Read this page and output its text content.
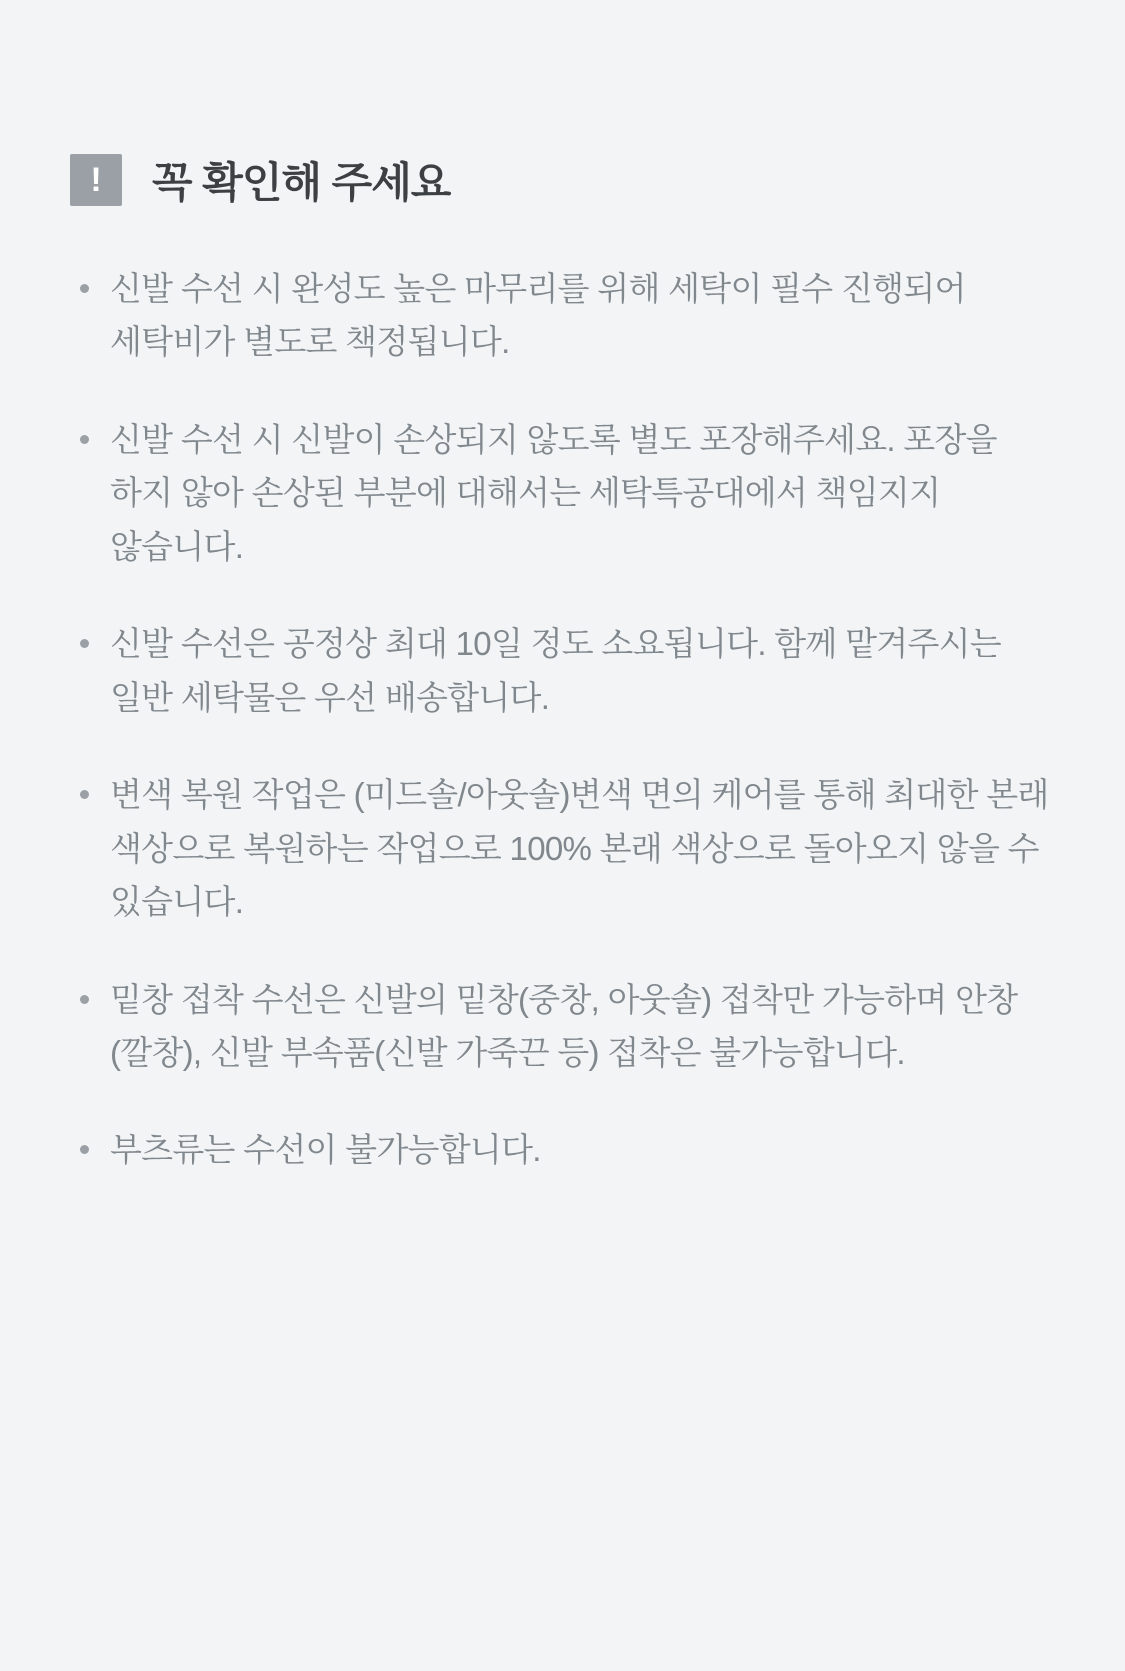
!	꼭 확인해 주세요
신발 수선 시 완성도 높은 마무리를 위해 세탁이 필수 진행되어 세탁비가 별도로 책정됩니다.
신발 수선 시 신발이 손상되지 않도록 별도 포장해주세요. 포장을 하지 않아 손상된 부분에 대해서는 세탁특공대에서 책임지지 않습니다.
신발 수선은 공정상 최대 10일 정도 소요됩니다. 함께 맡겨주시는 일반 세탁물은 우선 배송합니다.
변색 복원 작업은 (미드솔/아웃솔)변색 면의 케어를 통해 최대한 본래 색상으로 복원하는 작업으로 100% 본래 색상으로 돌아오지 않을 수 있습니다.
밑창 접착 수선은 신발의 밑창(중창, 아웃솔) 접착만 가능하며 안창(깔창), 신발 부속품(신발 가죽끈 등) 접착은 불가능합니다.
부츠류는 수선이 불가능합니다.
